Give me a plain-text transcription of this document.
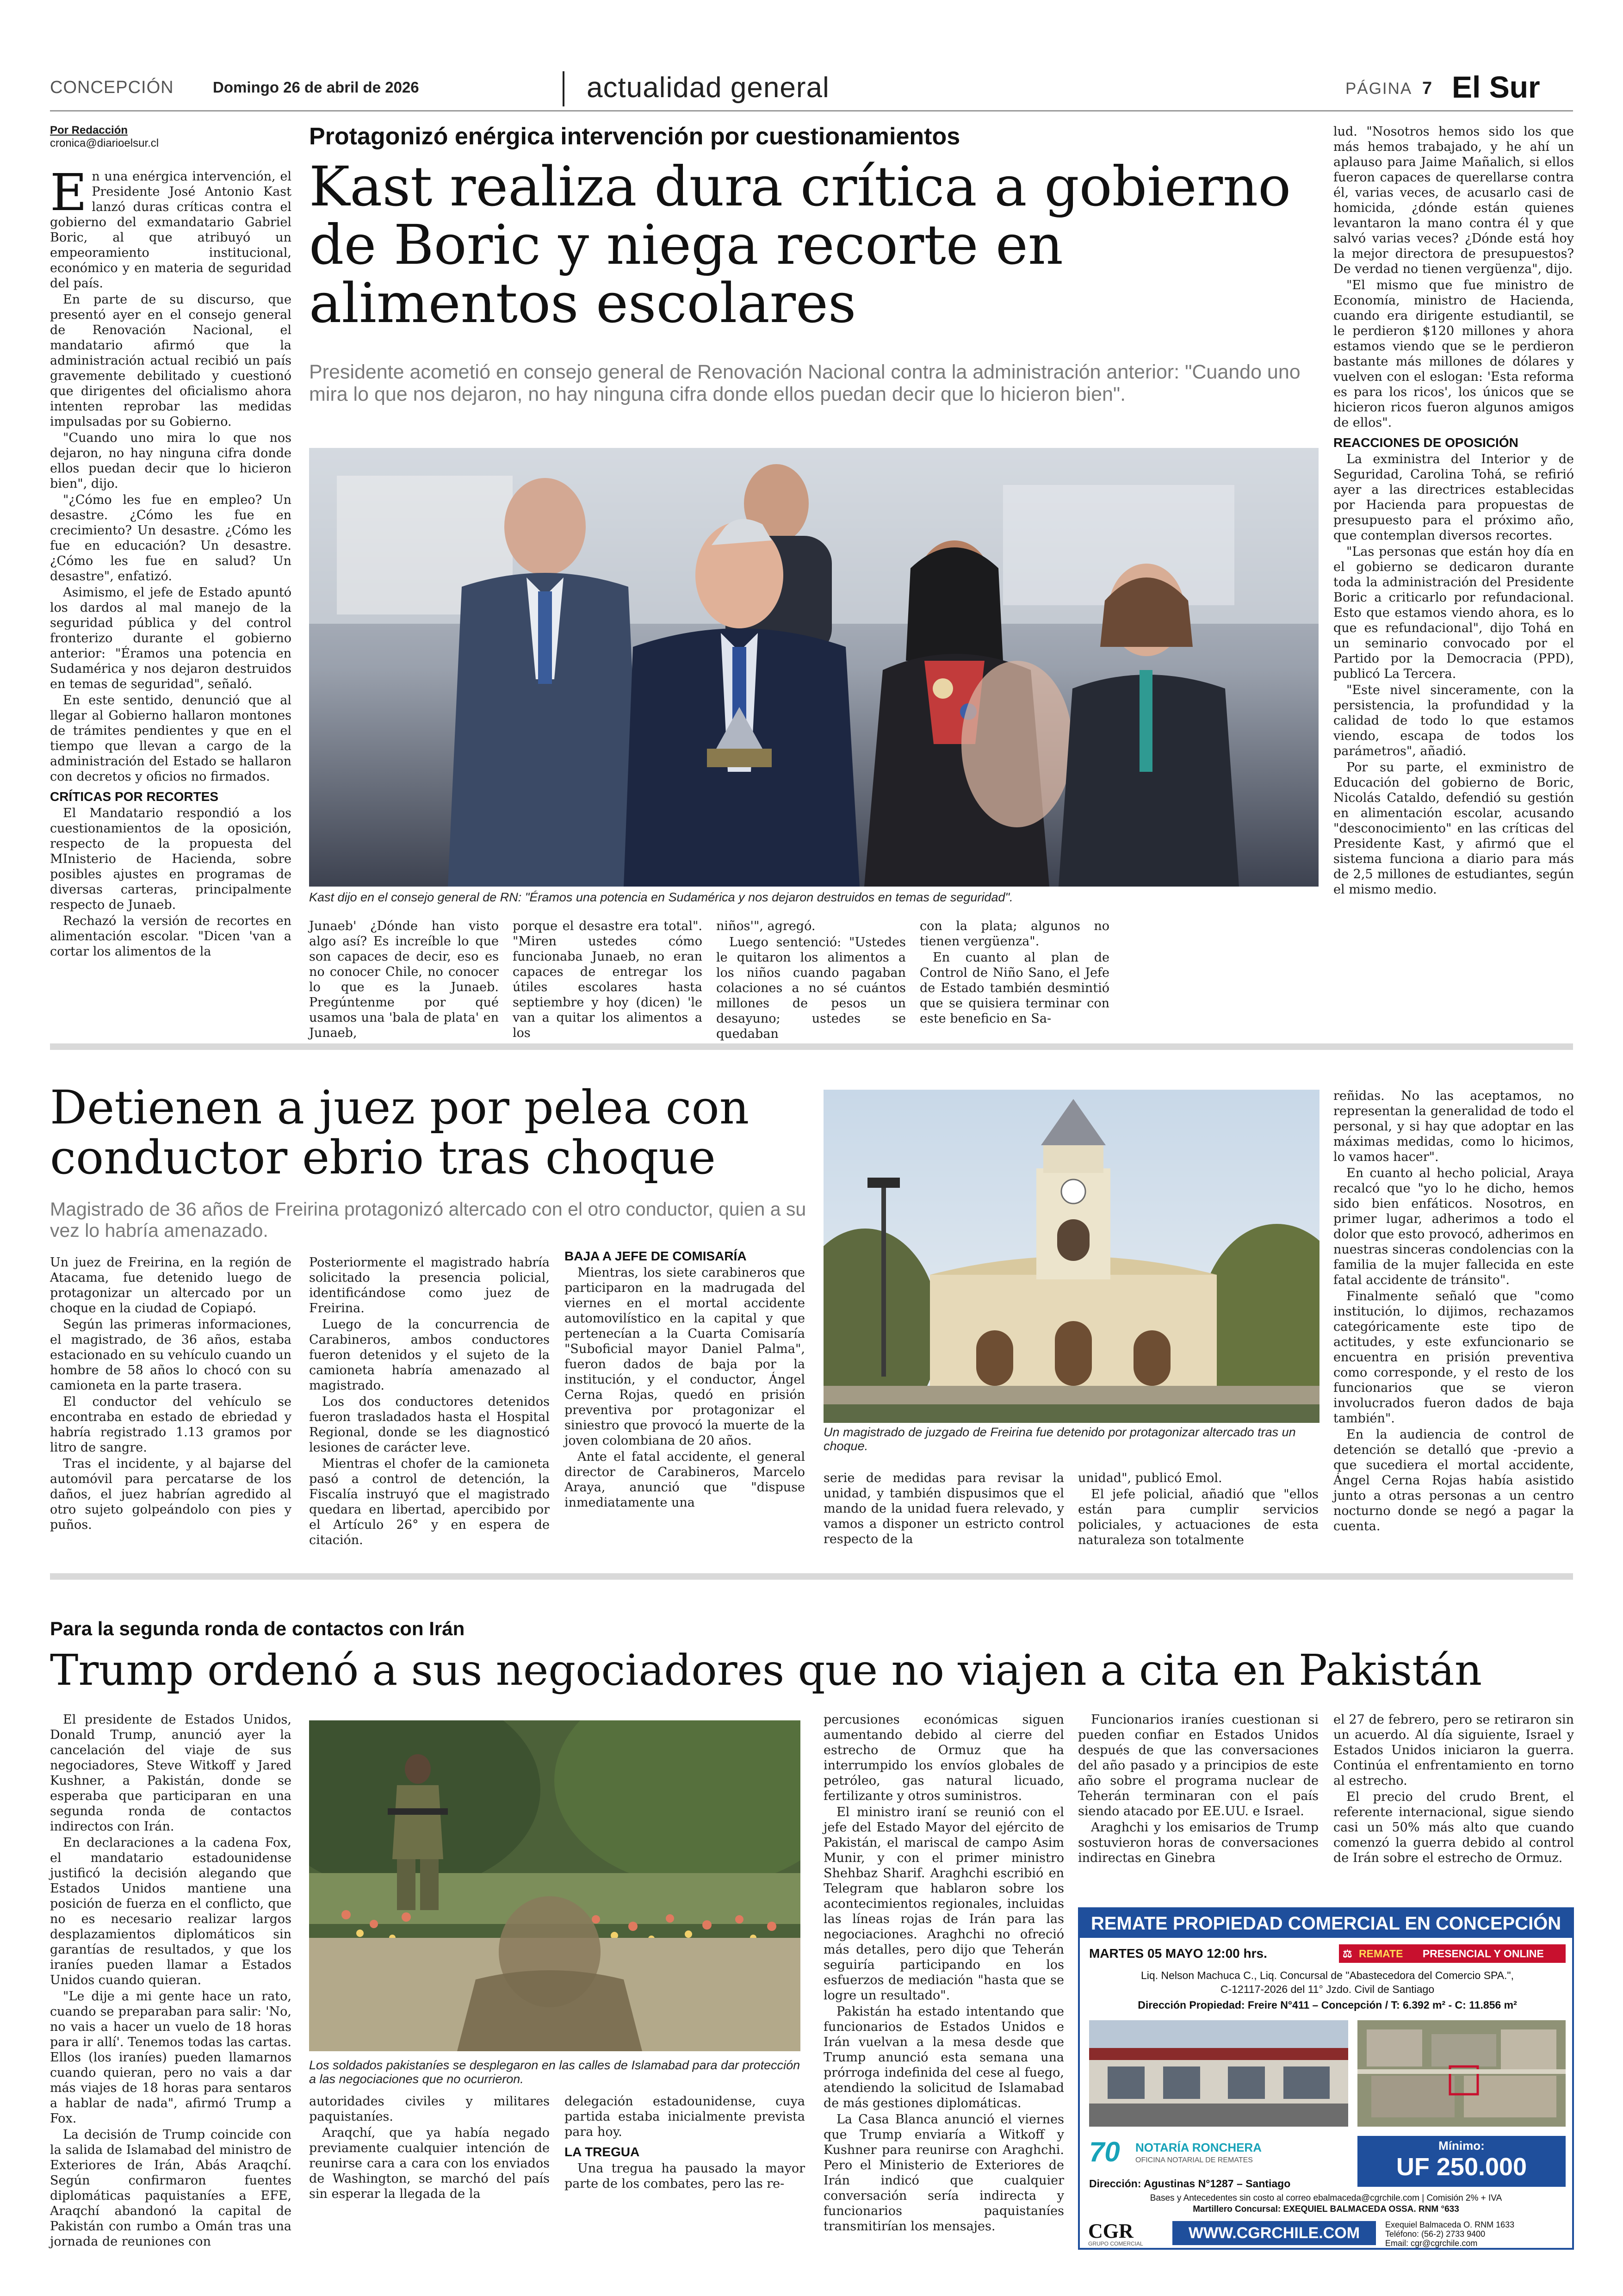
CONCEPCIÓN	Domingo 26 de abril de 2026	actualidad general	PÁGINA 7 El Sur
Por Redacción
cronica@diarioelsur.cl	Protagonizó enérgica intervención por cuestionamientos
Kast realiza dura crítica a gobierno de Boric y niega recorte en alimentos escolares
Presidente acometió en consejo general de Renovación Nacional contra la administración anterior: "Cuando uno mira lo que nos dejaron, no hay ninguna cifra donde ellos puedan decir que lo hicieron bien".
E n una enérgica intervención, el Presidente José Antonio Kast lanzó duras críticas contra el gobierno del exmandatario Gabriel Boric, al que atribuyó un empeoramiento institucional, económico y en materia de seguridad del país.

En parte de su discurso, que presentó ayer en el consejo general de Renovación Nacional, el mandatario afirmó que la administración actual recibió un país gravemente debilitado y cuestionó que dirigentes del oficialismo ahora intenten reprobar las medidas impulsadas por su Gobierno.

"Cuando uno mira lo que nos dejaron, no hay ninguna cifra donde ellos puedan decir que lo hicieron bien", dijo.

"¿Cómo les fue en empleo? Un desastre. ¿Cómo les fue en crecimiento? Un desastre. ¿Cómo les fue en educación? Un desastre. ¿Cómo les fue en salud? Un desastre", enfatizó.

Asimismo, el jefe de Estado apuntó los dardos al mal manejo de la seguridad pública y del control fronterizo durante el gobierno anterior: "Éramos una potencia en Sudamérica y nos dejaron destruidos en temas de seguridad", señaló.

En este sentido, denunció que al llegar al Gobierno hallaron montones de trámites pendientes y que en el tiempo que llevan a cargo de la administración del Estado se hallaron con decretos y oficios no firmados.

CRÍTICAS POR RECORTES

El Mandatario respondió a los cuestionamientos de la oposición, respecto de la propuesta del MInisterio de Hacienda, sobre posibles ajustes en programas de diversas carteras, principalmente respecto de Junaeb.

Rechazó la versión de recortes en alimentación escolar. "Dicen 'van a cortar los alimentos de la

Kast dijo en el consejo general de RN: "Éramos una potencia en Sudamérica y nos dejaron destruidos en temas de seguridad".

Junaeb' ¿Dónde han visto algo así? Es increíble lo que son capaces de decir, eso es no conocer Chile, no conocer lo que es la Junaeb. Pregúntenme por qué usamos una 'bala de plata' en Junaeb,

porque el desastre era total". "Miren ustedes cómo funcionaba Junaeb, no eran capaces de entregar los útiles escolares hasta septiembre y hoy (dicen) 'le van a quitar los alimentos a los

niños'", agregó.

Luego sentenció: "Ustedes le quitaron los alimentos a los niños cuando pagaban colaciones a no sé cuántos millones de pesos un desayuno; ustedes se quedaban

con la plata; algunos no tienen vergüenza".

En cuanto al plan de Control de Niño Sano, el Jefe de Estado también desmintió que se quisiera terminar con este beneficio en Sa-

lud. "Nosotros hemos sido los que más hemos trabajado, y he ahí un aplauso para Jaime Mañalich, si ellos fueron capaces de querellarse contra él, varias veces, de acusarlo casi de homicida, ¿dónde están quienes levantaron la mano contra él y que salvó varias veces? ¿Dónde está hoy la mejor directora de presupuestos? De verdad no tienen vergüenza", dijo.

"El mismo que fue ministro de Economía, ministro de Hacienda, cuando era dirigente estudiantil, se le perdieron $120 millones y ahora estamos viendo que se le perdieron bastante más millones de dólares y vuelven con el eslogan: 'Esta reforma es para los ricos', los únicos que se hicieron ricos fueron algunos amigos de ellos".

REACCIONES DE OPOSICIÓN

La exministra del Interior y de Seguridad, Carolina Tohá, se refirió ayer a las directrices establecidas por Hacienda para propuestas de presupuesto para el próximo año, que contemplan diversos recortes.

"Las personas que están hoy día en el gobierno se dedicaron durante toda la administración del Presidente Boric a criticarlo por refundacional. Esto que estamos viendo ahora, es lo que es refundacional", dijo Tohá en un seminario convocado por el Partido por la Democracia (PPD), publicó La Tercera.

"Este nivel sinceramente, con la persistencia, la profundidad y la calidad de todo lo que estamos viendo, escapa de todos los parámetros", añadió.

Por su parte, el exministro de Educación del gobierno de Boric, Nicolás Cataldo, defendió su gestión en alimentación escolar, acusando "desconocimiento" en las críticas del Presidente Kast, y afirmó que el sistema funciona a diario para más de 2,5 millones de estudiantes, según el mismo medio.

Detienen a juez por pelea con conductor ebrio tras choque
Magistrado de 36 años de Freirina protagonizó altercado con el otro conductor, quien a su vez lo habría amenazado.

Un juez de Freirina, en la región de Atacama, fue detenido luego de protagonizar un altercado por un choque en la ciudad de Copiapó.

Según las primeras informaciones, el magistrado, de 36 años, estaba estacionado en su vehículo cuando un hombre de 58 años lo chocó con su camioneta en la parte trasera.

El conductor del vehículo se encontraba en estado de ebriedad y habría registrado 1.13 gramos por litro de sangre.

Tras el incidente, y al bajarse del automóvil para percatarse de los daños, el juez habrían agredido al otro sujeto golpeándolo con pies y puños.

Posteriormente el magistrado habría solicitado la presencia policial, identificándose como juez de Freirina.

Luego de la concurrencia de Carabineros, ambos conductores fueron detenidos y el sujeto de la camioneta habría amenazado al magistrado.

Los dos conductores detenidos fueron trasladados hasta el Hospital Regional, donde se les diagnosticó lesiones de carácter leve.

Mientras el chofer de la camioneta pasó a control de detención, la Fiscalía instruyó que el magistrado quedara en libertad, apercibido por el Artículo 26° y en espera de citación.

BAJA A JEFE DE COMISARÍA

Mientras, los siete carabineros que participaron en la madrugada del viernes en el mortal accidente automovilístico en la capital y que pertenecían a la Cuarta Comisaría "Suboficial mayor Daniel Palma", fueron dados de baja por la institución, y el conductor, Ángel Cerna Rojas, quedó en prisión preventiva por protagonizar el siniestro que provocó la muerte de la joven colombiana de 20 años.

Ante el fatal accidente, el general director de Carabineros, Marcelo Araya, anunció que "dispuse inmediatamente una

Un magistrado de juzgado de Freirina fue detenido por protagonizar altercado tras un choque.

serie de medidas para revisar la unidad, y también dispusimos que el mando de la unidad fuera relevado, y vamos a disponer un estricto control respecto de la

unidad", publicó Emol.

El jefe policial, añadió que "ellos están para cumplir servicios policiales, y actuaciones de esta naturaleza son totalmente

reñidas. No las aceptamos, no representan la generalidad de todo el personal, y si hay que adoptar en las máximas medidas, como lo hicimos, lo vamos hacer".

En cuanto al hecho policial, Araya recalcó que "yo lo he dicho, hemos sido bien enfáticos. Nosotros, en primer lugar, adherimos a todo el dolor que esto provocó, adherimos en nuestras sinceras condolencias con la familia de la mujer fallecida en este fatal accidente de tránsito".

Finalmente señaló que "como institución, lo dijimos, rechazamos categóricamente este tipo de actitudes, y este exfuncionario se encuentra en prisión preventiva como corresponde, y el resto de los funcionarios que se vieron involucrados fueron dados de baja también".

En la audiencia de control de detención se detalló que -previo a que sucediera el mortal accidente, Ángel Cerna Rojas había asistido junto a otras personas a un centro nocturno donde se negó a pagar la cuenta.

Para la segunda ronda de contactos con Irán
Trump ordenó a sus negociadores que no viajen a cita en Pakistán

El presidente de Estados Unidos, Donald Trump, anunció ayer la cancelación del viaje de sus negociadores, Steve Witkoff y Jared Kushner, a Pakistán, donde se esperaba que participaran en una segunda ronda de contactos indirectos con Irán.

En declaraciones a la cadena Fox, el mandatario estadounidense justificó la decisión alegando que Estados Unidos mantiene una posición de fuerza en el conflicto, que no es necesario realizar largos desplazamientos diplomáticos sin garantías de resultados, y que los iraníes pueden llamar a Estados Unidos cuando quieran.

"Le dije a mi gente hace un rato, cuando se preparaban para salir: 'No, no vais a hacer un vuelo de 18 horas para ir allí'. Tenemos todas las cartas. Ellos (los iraníes) pueden llamarnos cuando quieran, pero no vais a dar más viajes de 18 horas para sentaros a hablar de nada", afirmó Trump a Fox.

La decisión de Trump coincide con la salida de Islamabad del ministro de Exteriores de Irán, Abás Araqchí. Según confirmaron fuentes diplomáticas paquistaníes a EFE, Araqchí abandonó la capital de Pakistán con rumbo a Omán tras una jornada de reuniones con

Los soldados pakistaníes se desplegaron en las calles de Islamabad para dar protección a las negociaciones que no ocurrieron.

autoridades civiles y militares paquistaníes.

Araqchí, que ya había negado previamente cualquier intención de reunirse cara a cara con los enviados de Washington, se marchó del país sin esperar la llegada de la

delegación estadounidense, cuya partida estaba inicialmente prevista para hoy.

LA TREGUA

Una tregua ha pausado la mayor parte de los combates, pero las re-

percusiones económicas siguen aumentando debido al cierre del estrecho de Ormuz que ha interrumpido los envíos globales de petróleo, gas natural licuado, fertilizante y otros suministros.

El ministro iraní se reunió con el jefe del Estado Mayor del ejército de Pakistán, el mariscal de campo Asim Munir, y con el primer ministro Shehbaz Sharif. Araghchi escribió en Telegram que hablaron sobre los acontecimientos regionales, incluidas las líneas rojas de Irán para las negociaciones. Araghchi no ofreció más detalles, pero dijo que Teherán seguiría participando en los esfuerzos de mediación "hasta que se logre un resultado".

Pakistán ha estado intentando que funcionarios de Estados Unidos e Irán vuelvan a la mesa desde que Trump anunció esta semana una prórroga indefinida del cese al fuego, atendiendo la solicitud de Islamabad de más gestiones diplomáticas.

La Casa Blanca anunció el viernes que Trump enviaría a Witkoff y Kushner para reunirse con Araghchi. Pero el Ministerio de Exteriores de Irán indicó que cualquier conversación sería indirecta y funcionarios paquistaníes transmitirían los mensajes.

Funcionarios iraníes cuestionan si pueden confiar en Estados Unidos después de que las conversaciones del año pasado y a principios de este año sobre el programa nuclear de Teherán terminaran con el país siendo atacado por EE.UU. e Israel.

Araghchi y los emisarios de Trump sostuvieron horas de conversaciones indirectas en Ginebra

el 27 de febrero, pero se retiraron sin un acuerdo. Al día siguiente, Israel y Estados Unidos iniciaron la guerra. Continúa el enfrentamiento en torno al estrecho.

El precio del crudo Brent, el referente internacional, sigue siendo casi un 50% más alto que cuando comenzó la guerra debido al control de Irán sobre el estrecho de Ormuz.

REMATE PROPIEDAD COMERCIAL EN CONCEPCIÓN
MARTES 05 MAYO 12:00 hrs.	⚖ REMATE PRESENCIAL Y ONLINE
Liq. Nelson Machuca C., Liq. Concursal de "Abastecedora del Comercio SPA.",
C-12117-2026 del 11° Jzdo. Civil de Santiago
Dirección Propiedad: Freire N°411 – Concepción / T: 6.392 m² - C: 11.856 m²
70 NOTARÍA RONCHERA
OFICINA NOTARIAL DE REMATES
Dirección: Agustinas N°1287 – Santiago
Mínimo:
UF 250.000
Bases y Antecedentes sin costo al correo ebalmaceda@cgrchile.com | Comisión 2% + IVA
Martillero Concursal: EXEQUIEL BALMACEDA OSSA. RNM °633
CGR
GRUPO COMERCIAL
WWW.CGRCHILE.COM	Exequiel Balmaceda O. RNM 1633
Teléfono: (56-2) 2733 9400
Email: cgr@cgrchile.com
